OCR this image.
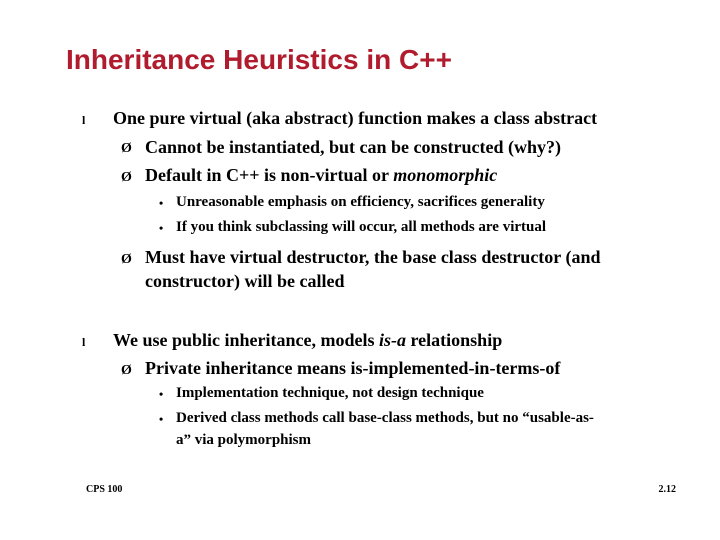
Inheritance Heuristics in C++
l One pure virtual (aka abstract) function makes a class abstract
Ø Cannot be instantiated, but can be constructed (why?)
Ø Default in C++ is non-virtual or monomorphic
• Unreasonable emphasis on efficiency, sacrifices generality
• If you think subclassing will occur, all methods are virtual
Ø Must have virtual destructor, the base class destructor (and
constructor) will be called
l We use public inheritance, models is-a relationship
Ø Private inheritance means is-implemented-in-terms-of
• Implementation technique, not design technique
• Derived class methods call base-class methods, but no “usable-as-
a” via polymorphism
CPS 100	2.12
